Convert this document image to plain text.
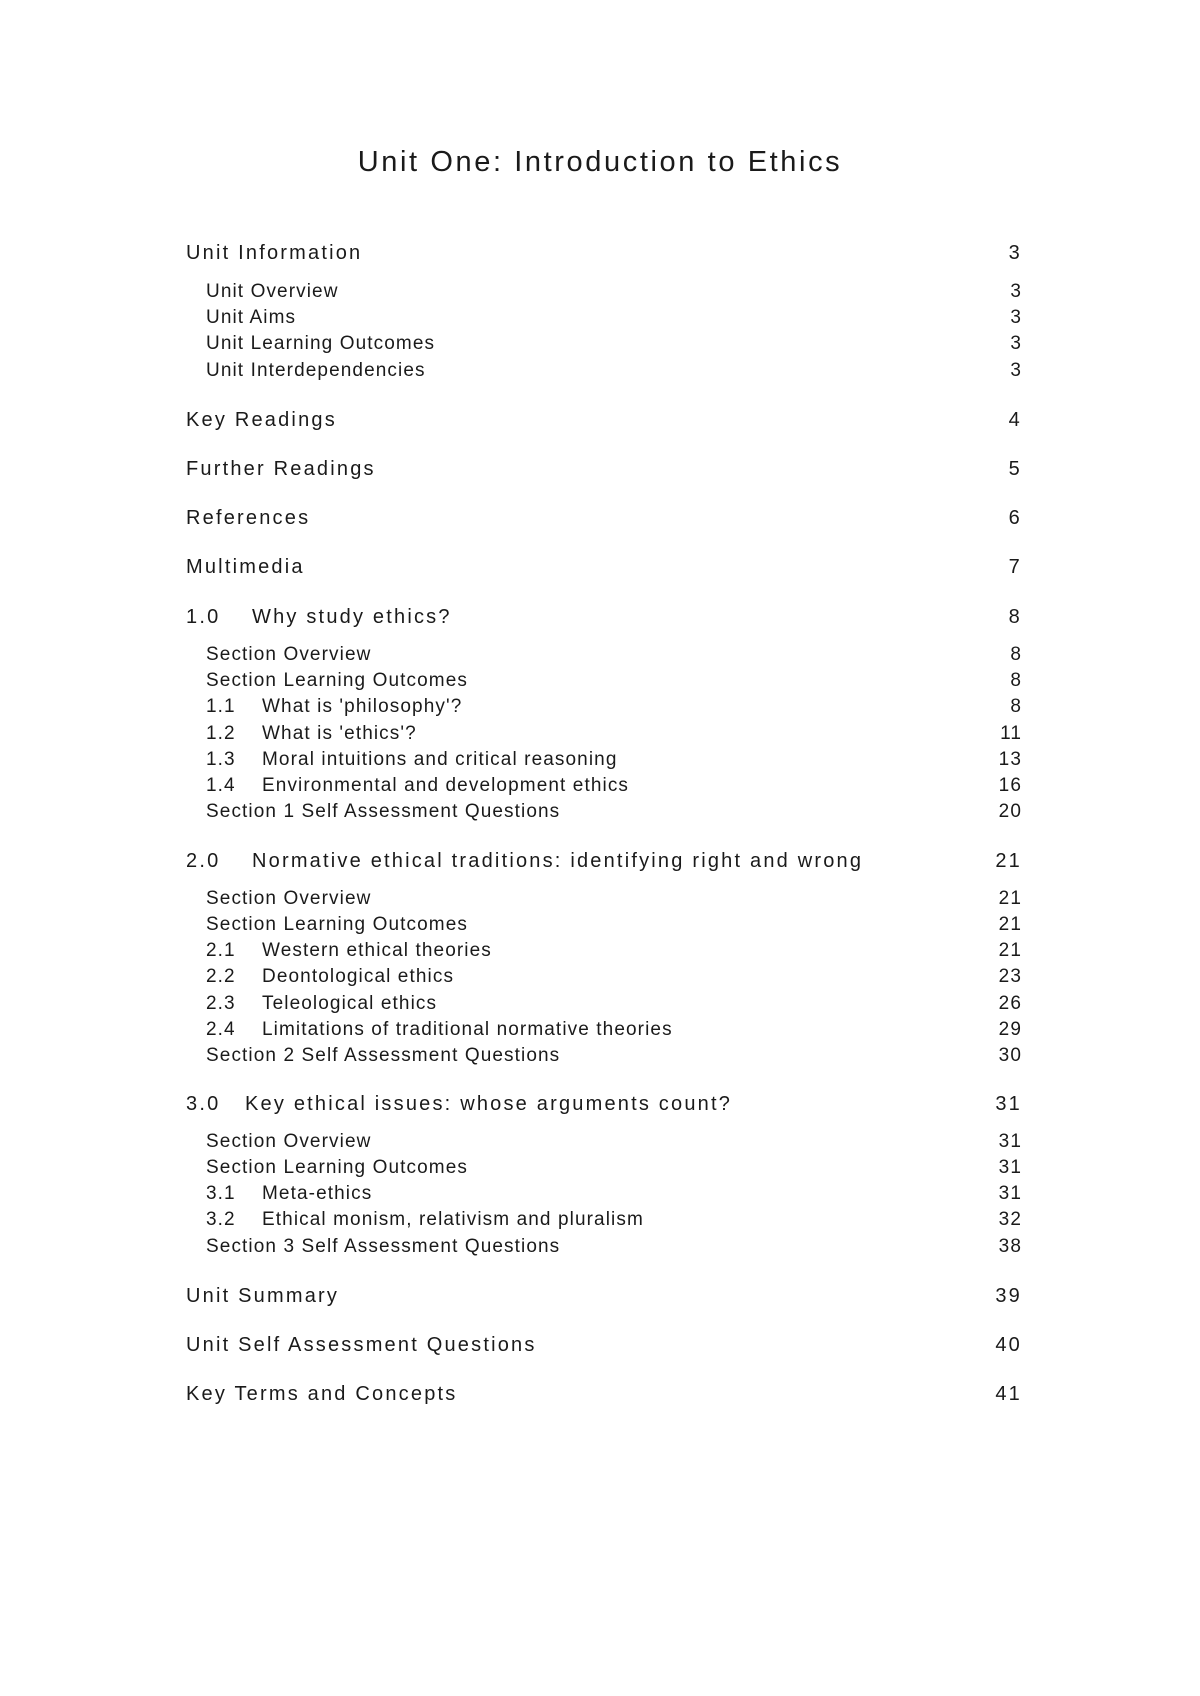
Unit One: Introduction to Ethics
Unit Information	3
Unit Overview	3
Unit Aims	3
Unit Learning Outcomes	3
Unit Interdependencies	3
Key Readings	4
Further Readings	5
References	6
Multimedia	7
1.0 Why study ethics?	8
Section Overview	8
Section Learning Outcomes	8
1.1 What is 'philosophy'?	8
1.2 What is 'ethics'?	11
1.3 Moral intuitions and critical reasoning	13
1.4 Environmental and development ethics	16
Section 1 Self Assessment Questions	20
2.0 Normative ethical traditions: identifying right and wrong	21
Section Overview	21
Section Learning Outcomes	21
2.1 Western ethical theories	21
2.2 Deontological ethics	23
2.3 Teleological ethics	26
2.4 Limitations of traditional normative theories	29
Section 2 Self Assessment Questions	30
3.0 Key ethical issues: whose arguments count?	31
Section Overview	31
Section Learning Outcomes	31
3.1 Meta-ethics	31
3.2 Ethical monism, relativism and pluralism	32
Section 3 Self Assessment Questions	38
Unit Summary	39
Unit Self Assessment Questions	40
Key Terms and Concepts	41
